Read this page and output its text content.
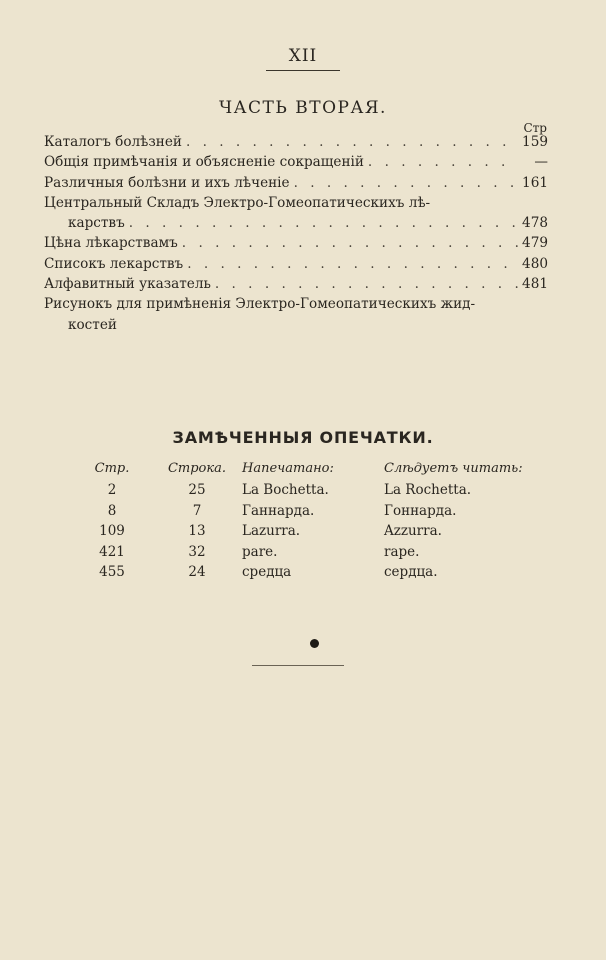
XII
ЧАСТЬ ВТОРАЯ.
Стр
Каталогъ болѣзней . . .	159
Общія примѣчанія и объясненіе сокращеній . . .	—
Различныя болѣзни и ихъ лѣченіе . . .	161
Центральный Складъ Электро-Гомеопатическихъ лѣ-
карствъ . . .	478
Цѣна лѣкарствамъ . . .	479
Списокъ лекарствъ . . .	480
Алфавитный указатель . . .	481
Рисунокъ для примѣненія Электро-Гомеопатическихъ жид-
костей
ЗАМѢЧЕННЫЯ ОПЕЧАТКИ.
Стр.	Строка.	Напечатано:	Слѣдуетъ читать:
2	25	La Bochetta.	La Rochetta.
8	7	Ганнарда.	Гоннарда.
109	13	Lazurra.	Azzurra.
421	32	pare.	rape.
455	24	средца	сердца.
